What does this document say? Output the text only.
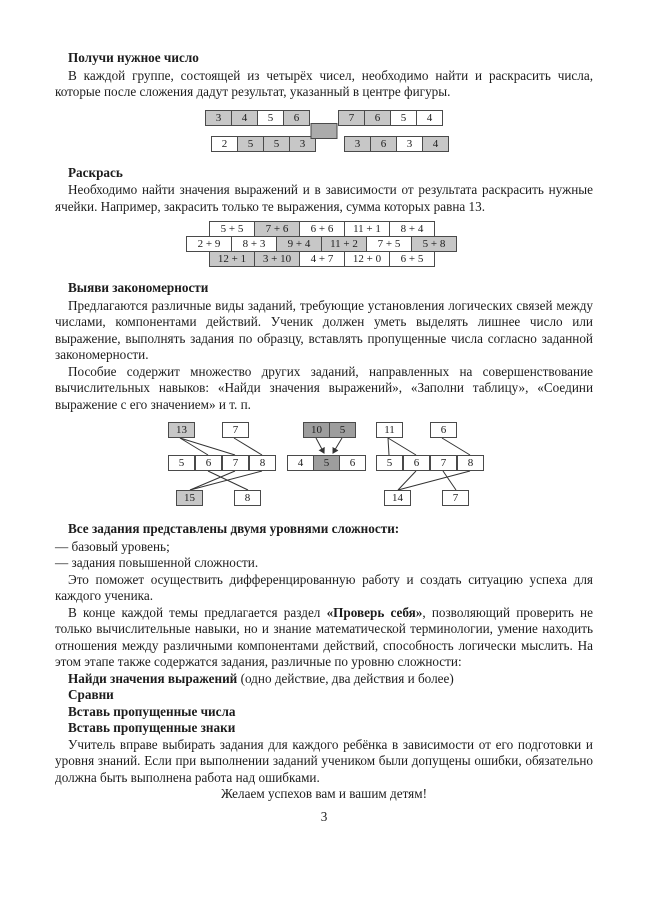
Получи нужное число

В каждой группе, состоящей из четырёх чисел, необходимо найти и раскрасить числа, которые после сложения дадут результат, указанный в центре фигуры.

3	4	5	6	7	6	5	4
2	5	5	3	3	6	3	4
Раскрась

Необходимо найти значения выражений и в зависимости от результата раскрасить нужные ячейки. Например, закрасить только те выражения, сумма которых равна 13.

5 + 5	7 + 6	6 + 6	11 + 1	8 + 4
2 + 9	8 + 3	9 + 4	11 + 2	7 + 5	5 + 8
12 + 1	3 + 10	4 + 7	12 + 0	6 + 5
Выяви закономерности

Предлагаются различные виды заданий, требующие установления логических связей между числами, компонентами действий. Ученик должен уметь выделять лишнее число или выражение, выполнять задания по образцу, вставлять пропущенные числа согласно заданной закономерности.

Пособие содержит множество других заданий, направленных на совершенствование вычислительных навыков: «Найди значения выражений», «Заполни таблицу», «Соедини выражение с его значением» и т. п.

13	7
5	6	7	8
15	8
10	5
4	5	6
11	6
5	6	7	8
14	7
Все задания представлены двумя уровнями сложности:

— базовый уровень;

— задания повышенной сложности.

Это поможет осуществить дифференцированную работу и создать ситуацию успеха для каждого ученика.

В конце каждой темы предлагается раздел «Проверь себя», позволяющий проверить не только вычислительные навыки, но и знание математической терминологии, умение находить отношения между различными компонентами действий, способность логически мыслить. На этом этапе также содержатся задания, различные по уровню сложности:

Найди значения выражений (одно действие, два действия и более)

Сравни

Вставь пропущенные числа

Вставь пропущенные знаки

Учитель вправе выбирать задания для каждого ребёнка в зависимости от его подготовки и уровня знаний. Если при выполнении заданий учеником были допущены ошибки, обязательно должна быть выполнена работа над ошибками.

Желаем успехов вам и вашим детям!

3
